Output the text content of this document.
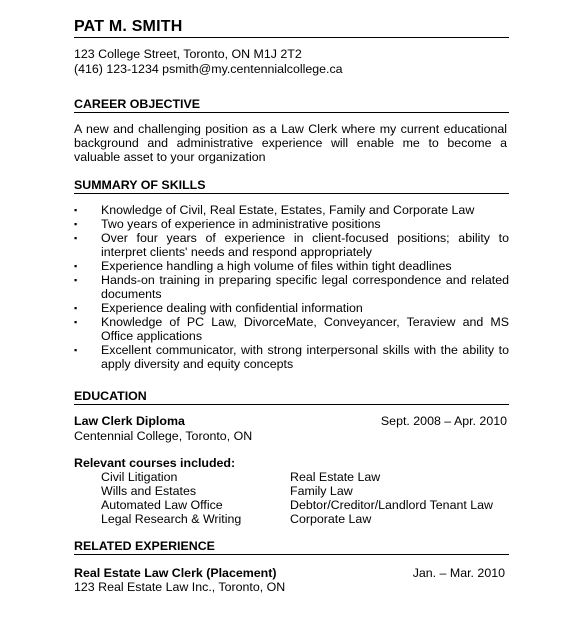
PAT M. SMITH
123 College Street, Toronto, ON M1J 2T2
(416) 123-1234 psmith@my.centennialcollege.ca
CAREER OBJECTIVE
A new and challenging position as a Law Clerk where my current educational background and administrative experience will enable me to become a valuable asset to your organization
SUMMARY OF SKILLS
▪ Knowledge of Civil, Real Estate, Estates, Family and Corporate Law
▪ Two years of experience in administrative positions
▪ Over four years of experience in client-focused positions; ability to interpret clients' needs and respond appropriately
▪ Experience handling a high volume of files within tight deadlines
▪ Hands-on training in preparing specific legal correspondence and related documents
▪ Experience dealing with confidential information
▪ Knowledge of PC Law, DivorceMate, Conveyancer, Teraview and MS Office applications
▪ Excellent communicator, with strong interpersonal skills with the ability to apply diversity and equity concepts
EDUCATION
Law Clerk Diploma	Sept. 2008 – Apr. 2010
Centennial College, Toronto, ON
Relevant courses included:
Civil Litigation
Wills and Estates
Automated Law Office
Legal Research & Writing
Real Estate Law
Family Law
Debtor/Creditor/Landlord Tenant Law
Corporate Law
RELATED EXPERIENCE
Real Estate Law Clerk (Placement)	Jan. – Mar. 2010
123 Real Estate Law Inc., Toronto, ON
